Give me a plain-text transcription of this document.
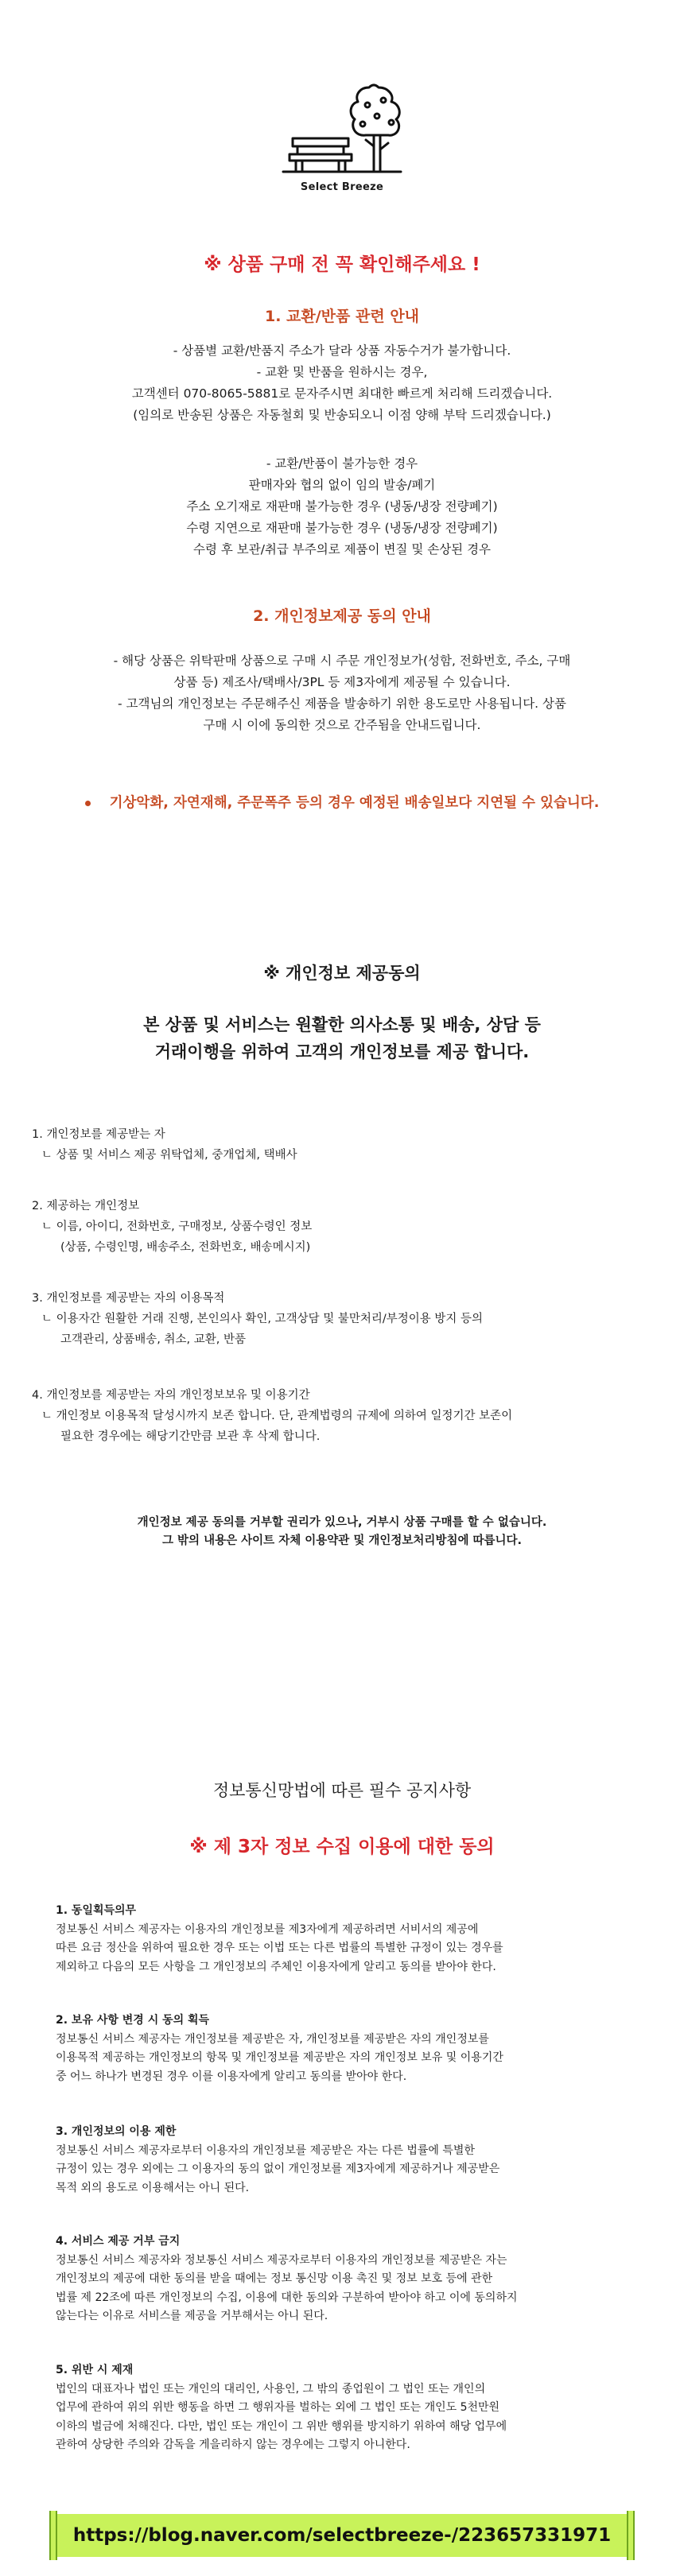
Select Breeze
※ 상품 구매 전 꼭 확인해주세요 !
1. 교환/반품 관련 안내
- 상품별 교환/반품지 주소가 달라 상품 자동수거가 불가합니다.
- 교환 및 반품을 원하시는 경우,
고객센터 070-8065-5881로 문자주시면 최대한 빠르게 처리해 드리겠습니다.
(임의로 반송된 상품은 자동철회 및 반송되오니 이점 양해 부탁 드리겠습니다.)
- 교환/반품이 불가능한 경우
판매자와 협의 없이 임의 발송/폐기
주소 오기재로 재판매 불가능한 경우 (냉동/냉장 전량폐기)
수령 지연으로 재판매 불가능한 경우 (냉동/냉장 전량폐기)
수령 후 보관/취급 부주의로 제품이 변질 및 손상된 경우
2. 개인정보제공 동의 안내
- 해당 상품은 위탁판매 상품으로 구매 시 주문 개인정보가(성함, 전화번호, 주소, 구매
상품 등) 제조사/택배사/3PL 등 제3자에게 제공될 수 있습니다.
- 고객님의 개인정보는 주문해주신 제품을 발송하기 위한 용도로만 사용됩니다. 상품
구매 시 이에 동의한 것으로 간주됨을 안내드립니다.
기상악화, 자연재해, 주문폭주 등의 경우 예정된 배송일보다 지연될 수 있습니다.
※ 개인정보 제공동의
본 상품 및 서비스는 원활한 의사소통 및 배송, 상담 등
거래이행을 위하여 고객의 개인정보를 제공 합니다.
1. 개인정보를 제공받는 자
ㄴ 상품 및 서비스 제공 위탁업체, 중개업체, 택배사
2. 제공하는 개인정보
ㄴ 이름, 아이디, 전화번호, 구매정보, 상품수령인 정보
(상품, 수령인명, 배송주소, 전화번호, 배송메시지)
3. 개인정보를 제공받는 자의 이용목적
ㄴ 이용자간 원활한 거래 진행, 본인의사 확인, 고객상담 및 불만처리/부정이용 방지 등의
고객관리, 상품배송, 취소, 교환, 반품
4. 개인정보를 제공받는 자의 개인정보보유 및 이용기간
ㄴ 개인정보 이용목적 달성시까지 보존 합니다. 단, 관계법령의 규제에 의하여 일정기간 보존이
필요한 경우에는 해당기간만큼 보관 후 삭제 합니다.
개인정보 제공 동의를 거부할 권리가 있으나, 거부시 상품 구매를 할 수 없습니다.
그 밖의 내용은 사이트 자체 이용약관 및 개인정보처리방침에 따릅니다.
정보통신망법에 따른 필수 공지사항
※ 제 3자 정보 수집 이용에 대한 동의
1. 동일획득의무
정보통신 서비스 제공자는 이용자의 개인정보를 제3자에게 제공하려면 서비서의 제공에
따른 요금 정산을 위하여 필요한 경우 또는 이법 또는 다른 법률의 특별한 규정이 있는 경우를
제외하고 다음의 모든 사항을 그 개인정보의 주체인 이용자에게 알리고 동의를 받아야 한다.
2. 보유 사항 변경 시 동의 획득
정보통신 서비스 제공자는 개인정보를 제공받은 자, 개인정보를 제공받은 자의 개인정보를
이용목적 제공하는 개인정보의 항목 및 개인정보를 제공받은 자의 개인정보 보유 및 이용기간
중 어느 하나가 변경된 경우 이를 이용자에게 알리고 동의를 받아야 한다.
3. 개인정보의 이용 제한
정보통신 서비스 제공자로부터 이용자의 개인정보를 제공받은 자는 다른 법률에 특별한
규정이 있는 경우 외에는 그 이용자의 동의 없이 개인정보를 제3자에게 제공하거나 제공받은
목적 외의 용도로 이용해서는 아니 된다.
4. 서비스 제공 거부 금지
정보통신 서비스 제공자와 정보통신 서비스 제공자로부터 이용자의 개인정보를 제공받은 자는
개인정보의 제공에 대한 동의를 받을 때에는 정보 통신망 이용 촉진 및 정보 보호 등에 관한
법률 제 22조에 따른 개인정보의 수집, 이용에 대한 동의와 구분하여 받아야 하고 이에 동의하지
않는다는 이유로 서비스를 제공을 거부해서는 아니 된다.
5. 위반 시 제재
법인의 대표자나 법인 또는 개인의 대리인, 사용인, 그 밖의 종업원이 그 법인 또는 개인의
업무에 관하여 위의 위반 행동을 하면 그 행위자를 벌하는 외에 그 법인 또는 개인도 5천만원
이하의 벌금에 처해진다. 다만, 법인 또는 개인이 그 위반 행위를 방지하기 위하여 해당 업무에
관하여 상당한 주의와 감독을 게을리하지 않는 경우에는 그렇지 아니한다.
https://blog.naver.com/selectbreeze-/223657331971
